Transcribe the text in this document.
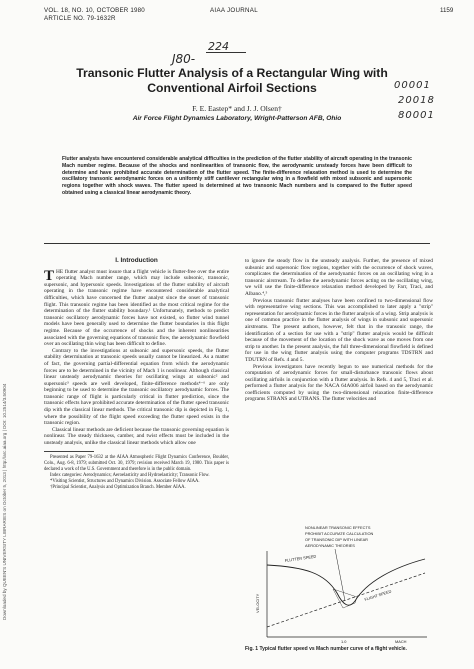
VOL. 18, NO. 10, OCTOBER 1980
ARTICLE NO. 79-1632R
AIAA JOURNAL	1159
224
J80-
00001
20018
80001
Transonic Flutter Analysis of a Rectangular Wing with
Conventional Airfoil Sections
F. E. Eastep* and J. J. Olsen†
Air Force Flight Dynamics Laboratory, Wright-Patterson AFB, Ohio
Flutter analysts have encountered considerable analytical difficulties in the prediction of the flutter stability of aircraft operating in the transonic Mach number regime. Because of the shocks and nonlinearities of transonic flow, the aerodynamic unsteady forces have been difficult to determine and have prohibited accurate determination of the flutter speed. The finite-difference relaxation method is used to determine the oscillatory transonic aerodynamic forces on a uniformly stiff cantilever rectangular wing in a flowfield with mixed subsonic and supersonic regions together with shock waves. The flutter speed is determined at two transonic Mach numbers and is compared to the flutter speed obtained using a classical linear aerodynamic theory.
I. Introduction

THE flutter analyst must insure that a flight vehicle is flutter-free over the entire operating Mach number range, which may include subsonic, transonic, supersonic, and hypersonic speeds. Investigations of the flutter stability of aircraft operating in the transonic regime have encountered considerable analytical difficulties, which have concerned the flutter analyst since the onset of transonic flight. This transonic regime has been identified as the most critical regime for the determination of the flutter stability boundary.¹ Unfortunately, methods to predict transonic oscillatory aerodynamic forces have not existed, so flutter wind tunnel models have been generally used to determine the flutter boundaries in this flight regime. Because of the occurrence of shocks and the inherent nonlinearities associated with the governing equations of transonic flow, the aerodynamic flowfield over an oscillating thin wing has been difficult to define.

Contrary to the investigations at subsonic and supersonic speeds, the flutter stability determination at transonic speeds usually cannot be linearized. As a matter of fact, the governing partial-differential equation from which the aerodynamic forces are to be determined in the vicinity of Mach 1 is nonlinear. Although classical linear unsteady aerodynamic theories for oscillating wings at subsonic² and supersonic³ speeds are well developed, finite-difference methods⁴⁻⁶ are only beginning to be used to determine the transonic oscillatory aerodynamic forces. The transonic range of flight is particularly critical in flutter prediction, since the transonic effects have prohibited accurate determination of the flutter speed transonic dip with the classical linear methods. The critical transonic dip is depicted in Fig. 1, where the possibility of the flight speed exceeding the flutter speed exists in the transonic region.

Classical linear methods are deficient because the transonic governing equation is nonlinear. The steady thickness, camber, and twist effects must be included in the unsteady analysis, unlike the classical linear methods which allow one

Presented as Paper 79-1632 at the AIAA Atmospheric Flight Dynamics Conference, Boulder, Colo., Aug. 6-8, 1979; submitted Oct. 30, 1979; revision received March 19, 1980. This paper is declared a work of the U.S. Government and therefore is in the public domain.

Index categories: Aerodynamics; Aeroelasticity and Hydroelasticity; Transonic Flow.

*Visiting Scientist, Structures and Dynamics Division. Associate Fellow AIAA.

†Principal Scientist, Analysis and Optimization Branch. Member AIAA.

to ignore the steady flow in the unsteady analysis. Further, the presence of mixed subsonic and supersonic flow regions, together with the occurrence of shock waves, complicates the determination of the aerodynamic forces on an oscillating wing in a transonic airstream. To define the aerodynamic forces acting on the oscillating wing, we will use the finite-difference relaxation method developed by Farr, Traci, and Albano.⁴,⁵

Previous transonic flutter analyses have been confined to two-dimensional flow with representative wing sections. This was accomplished to later apply a "strip" representation for aerodynamic forces in the flutter analysis of a wing. Strip analysis is one of common practice in the flutter analysis of wings in subsonic and supersonic airstreams. The present authors, however, felt that in the transonic range, the identification of a section for use with a "strip" flutter analysis would be difficult because of the movement of the location of the shock wave as one moves from one strip to another. In the present analysis, the full three-dimensional flowfield is defined for use in the wing flutter analysis using the computer programs TDSTRN and TDUTRN of Refs. 4 and 5.

Previous investigators have recently begun to use numerical methods for the computation of aerodynamic forces for small-disturbance transonic flows about oscillating airfoils in conjunction with a flutter analysis. In Refs. 4 and 5, Traci et al. performed a flutter analysis for the NACA 64A006 airfoil based on the aerodynamic coefficients computed by using the two-dimensional relaxation finite-difference programs STRANS and UTRANS. The flutter velocities and

NONLINEAR TRANSONIC EFFECTS
PROHIBIT ACCURATE CALCULATION
OF TRANSONIC DIP WITH LINEAR
AERODYNAMIC THEORIES
FLUTTER SPEED
FLIGHT SPEED
VELOCITY
MACH
1.0
Fig. 1 Typical flutter speed vs Mach number curve of a flight vehicle.
Downloaded by QUEEN'S UNIVERSITY LIBRARIES on October 5, 2013 | http://arc.aiaa.org | DOI: 10.2514/3.50904
